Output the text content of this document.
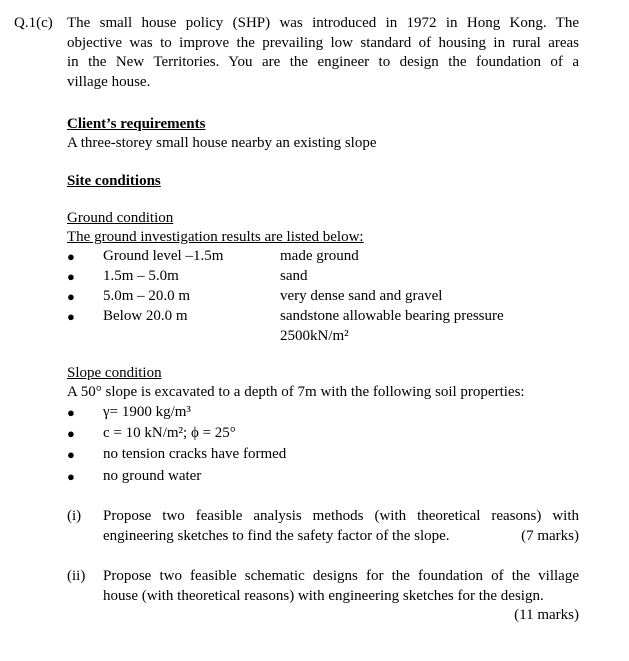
Q.1(c) The small house policy (SHP) was introduced in 1972 in Hong Kong. The
objective was to improve the prevailing low standard of housing in rural areas
in the New Territories. You are the engineer to design the foundation of a
village house.
Client’s requirements
A three-storey small house nearby an existing slope
Site conditions
Ground condition
The ground investigation results are listed below:
● Ground level –1.5m	made ground
● 1.5m – 5.0m	sand
● 5.0m – 20.0 m	very dense sand and gravel
● Below 20.0 m	sandstone allowable bearing pressure
2500kN/m²
Slope condition
A 50° slope is excavated to a depth of 7m with the following soil properties:
● γ= 1900 kg/m³
● c = 10 kN/m²; ϕ = 25°
● no tension cracks have formed
● no ground water
(i) Propose two feasible analysis methods (with theoretical reasons) with
engineering sketches to find the safety factor of the slope.	(7 marks)
(ii) Propose two feasible schematic designs for the foundation of the village
house (with theoretical reasons) with engineering sketches for the design.
(11 marks)
